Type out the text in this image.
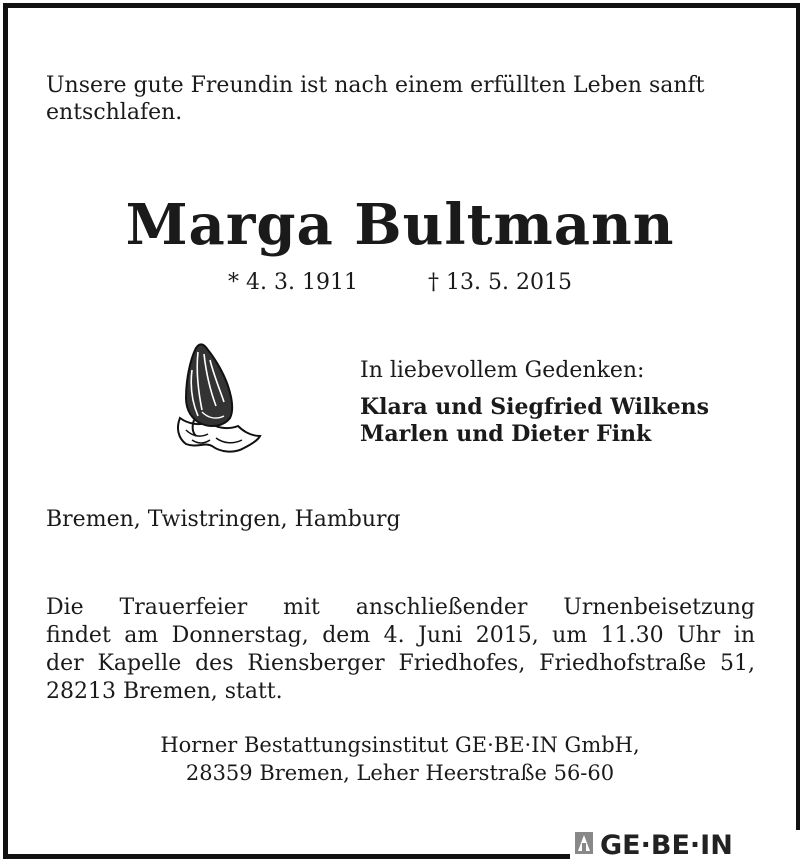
Unsere gute Freundin ist nach einem erfüllten Leben sanft entschlafen.
Marga Bultmann
* 4. 3. 1911	† 13. 5. 2015
In liebevollem Gedenken:
Klara und Siegfried Wilkens
Marlen und Dieter Fink
Bremen, Twistringen, Hamburg
Die Trauerfeier mit anschließender Urnenbeisetzung
findet am Donnerstag, dem 4. Juni 2015, um 11.30 Uhr in
der Kapelle des Riensberger Friedhofes, Friedhofstraße 51,
28213 Bremen, statt.
Horner Bestattungsinstitut GE·BE·IN GmbH,
28359 Bremen, Leher Heerstraße 56-60
GE·BE·IN
